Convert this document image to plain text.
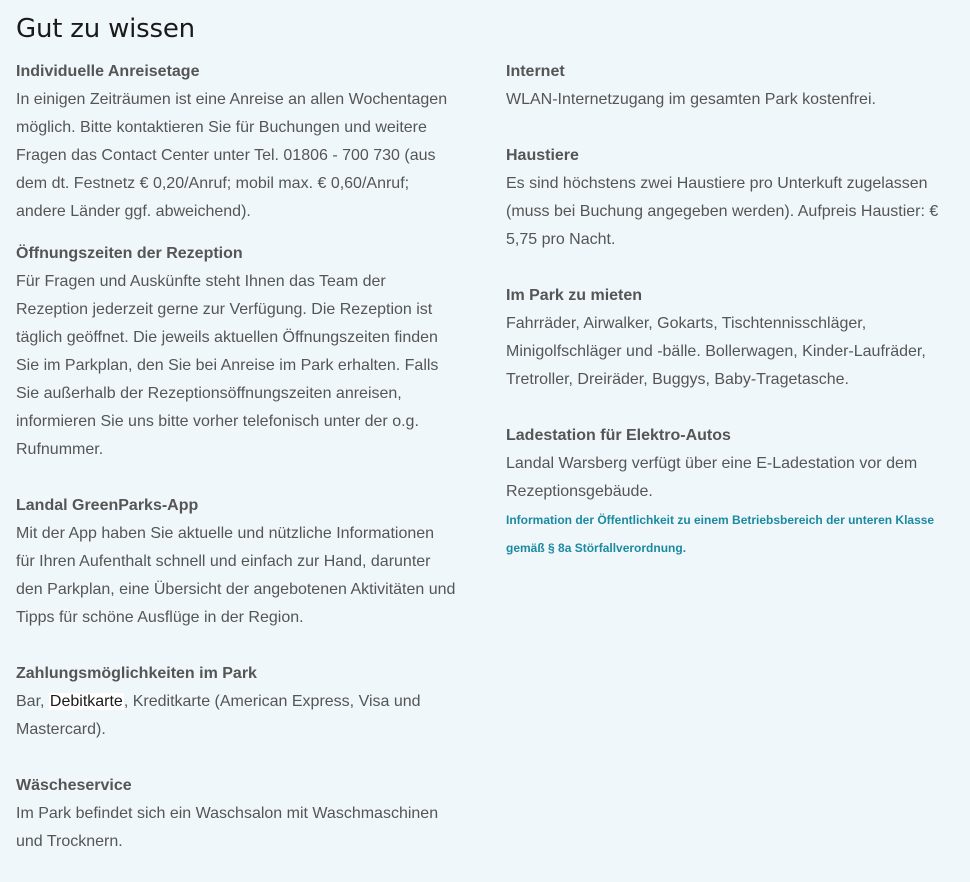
Gut zu wissen
Individuelle Anreisetage
In einigen Zeiträumen ist eine Anreise an allen Wochentagen möglich. Bitte kontaktieren Sie für Buchungen und weitere Fragen das Contact Center unter Tel. 01806 - 700 730 (aus dem dt. Festnetz € 0,20/Anruf; mobil max. € 0,60/Anruf; andere Länder ggf. abweichend).
Öffnungszeiten der Rezeption
Für Fragen und Auskünfte steht Ihnen das Team der Rezeption jederzeit gerne zur Verfügung. Die Rezeption ist täglich geöffnet. Die jeweils aktuellen Öffnungszeiten finden Sie im Parkplan, den Sie bei Anreise im Park erhalten. Falls Sie außerhalb der Rezeptionsöffnungszeiten anreisen, informieren Sie uns bitte vorher telefonisch unter der o.g. Rufnummer.
Landal GreenParks-App
Mit der App haben Sie aktuelle und nützliche Informationen für Ihren Aufenthalt schnell und einfach zur Hand, darunter den Parkplan, eine Übersicht der angebotenen Aktivitäten und Tipps für schöne Ausflüge in der Region.
Zahlungsmöglichkeiten im Park
Bar, Debitkarte, Kreditkarte (American Express, Visa und Mastercard).
Wäscheservice
Im Park befindet sich ein Waschsalon mit Waschmaschinen und Trocknern.
Internet
WLAN-Internetzugang im gesamten Park kostenfrei.
Haustiere
Es sind höchstens zwei Haustiere pro Unterkuft zugelassen (muss bei Buchung angegeben werden). Aufpreis Haustier: € 5,75 pro Nacht.
Im Park zu mieten
Fahrräder, Airwalker, Gokarts, Tischtennisschläger, Minigolfschläger und -bälle. Bollerwagen, Kinder-Laufräder, Tretroller, Dreiräder, Buggys, Baby-Tragetasche.
Ladestation für Elektro-Autos
Landal Warsberg verfügt über eine E-Ladestation vor dem Rezeptionsgebäude.
Information der Öffentlichkeit zu einem Betriebsbereich der unteren Klasse gemäß § 8a Störfallverordnung.
